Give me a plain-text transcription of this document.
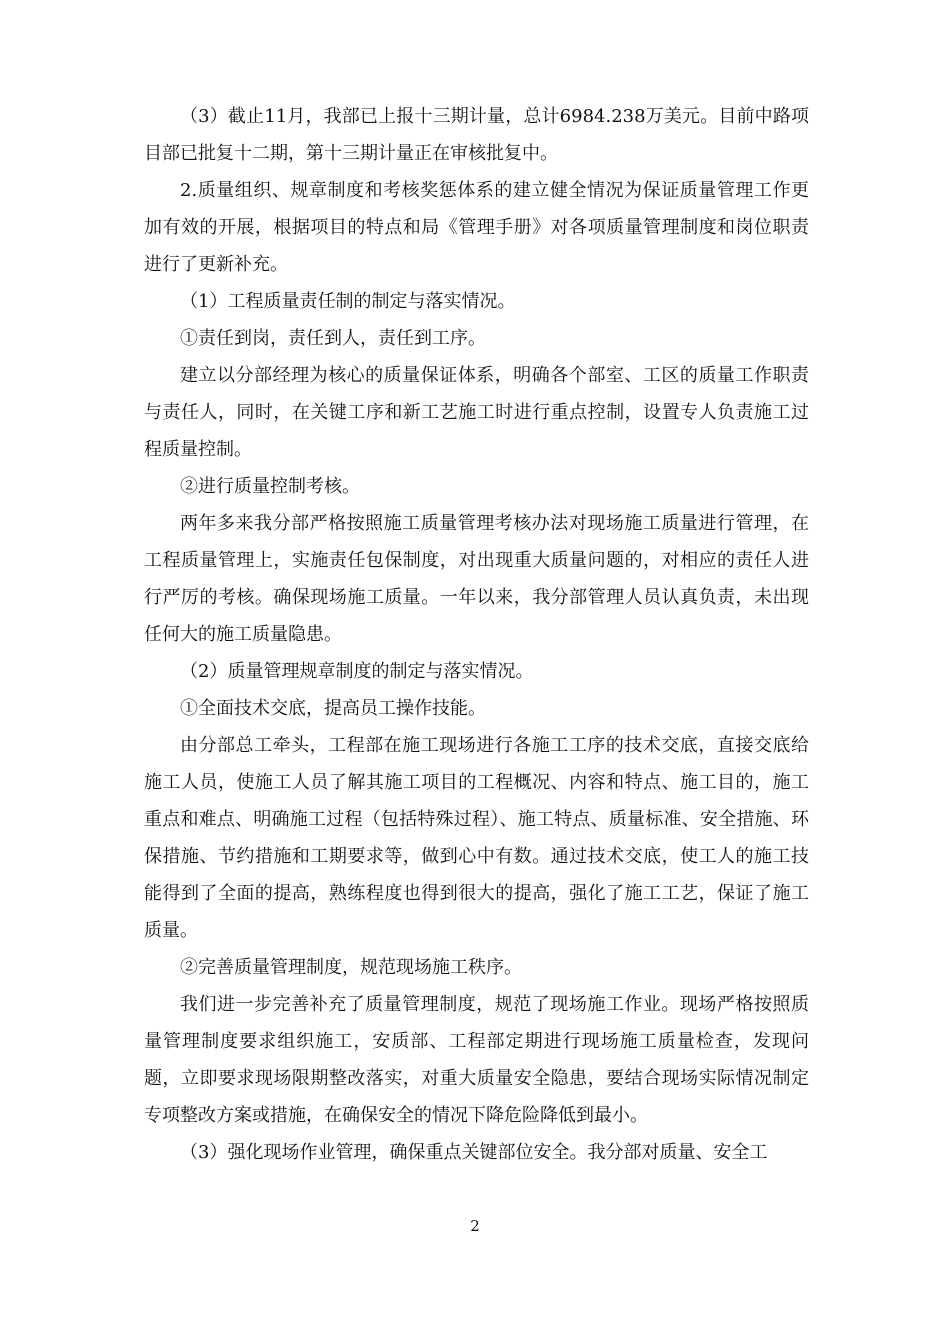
（3）截止11月，我部已上报十三期计量，总计6984.238万美元。目前中路项目部已批复十二期，第十三期计量正在审核批复中。

2.质量组织、规章制度和考核奖惩体系的建立健全情况为保证质量管理工作更加有效的开展，根据项目的特点和局《管理手册》对各项质量管理制度和岗位职责进行了更新补充。

（1）工程质量责任制的制定与落实情况。

①责任到岗，责任到人，责任到工序。

建立以分部经理为核心的质量保证体系，明确各个部室、工区的质量工作职责与责任人，同时，在关键工序和新工艺施工时进行重点控制，设置专人负责施工过程质量控制。

②进行质量控制考核。

两年多来我分部严格按照施工质量管理考核办法对现场施工质量进行管理，在工程质量管理上，实施责任包保制度，对出现重大质量问题的，对相应的责任人进行严厉的考核。确保现场施工质量。一年以来，我分部管理人员认真负责，未出现任何大的施工质量隐患。

（2）质量管理规章制度的制定与落实情况。

①全面技术交底，提高员工操作技能。

由分部总工牵头，工程部在施工现场进行各施工工序的技术交底，直接交底给施工人员，使施工人员了解其施工项目的工程概况、内容和特点、施工目的，施工重点和难点、明确施工过程（包括特殊过程）、施工特点、质量标准、安全措施、环保措施、节约措施和工期要求等，做到心中有数。通过技术交底，使工人的施工技能得到了全面的提高，熟练程度也得到很大的提高，强化了施工工艺，保证了施工质量。

②完善质量管理制度，规范现场施工秩序。

我们进一步完善补充了质量管理制度，规范了现场施工作业。现场严格按照质量管理制度要求组织施工，安质部、工程部定期进行现场施工质量检查，发现问题，立即要求现场限期整改落实，对重大质量安全隐患，要结合现场实际情况制定专项整改方案或措施，在确保安全的情况下降危险降低到最小。

（3）强化现场作业管理，确保重点关键部位安全。我分部对质量、安全工

2
